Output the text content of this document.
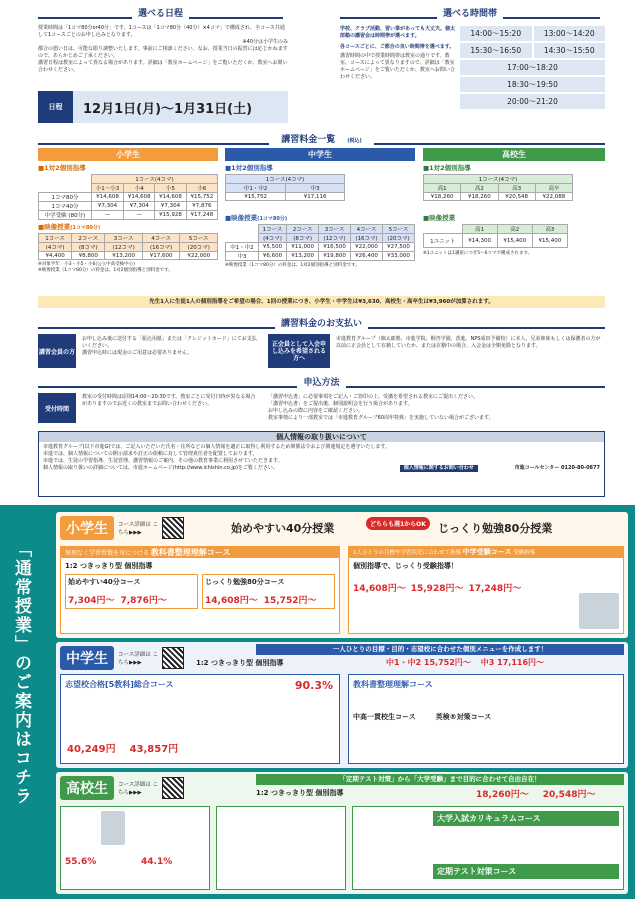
選べる日程
授業時間は「1コマ80分or40分」です。1コースは「1コマ80分（40分）×4コマ」で構成され、全コース共通して1コースごとのお申し込みとなります。
※40分は小学生のみ
都合の悪い日は、可能な限り調整いたします。事前にご相談ください。なお、授業当日の振替には応じかねますので、あらかじめご了承ください。
講習日程は教室によって異なる場合があります。詳細は「教室ホームページ」をご覧いただくか、教室へお問い合わせください。
日程	12月1日(月)〜1月31日(土)
選べる時間帯
学校、クラブ活動、習い事があっても大丈夫。個太郎塾の講習会は時間帯が選べます。
各コースごとに、ご都合の良い時間帯を選べます。
講習時間の中で授業時間帯は教室の通りです。教室、コースによって異なりますので、詳細は「教室ホームページ」をご覧いただくか、教室へお問い合わせください。
14:00〜15:20	13:00〜14:20
15:30〜16:50	14:30〜15:50
17:00〜18:20
18:30〜19:50
20:00〜21:20
講習料金一覧 (税込)
小学生
■1対2個別指導
	1コース(4コマ)			
	小1〜小3	小4	小5	小6
1コマ80分	¥14,608	¥14,608	¥14,608	¥15,752
1コマ40分	¥7,304	¥7,304	¥7,304	¥7,876
中学受験 (80分)	—	—	¥15,928	¥17,248
■映像授業(1コマ80分)
1コース	2コース	3コース	4コース	5コース
(4コマ)	(8コマ)	(12コマ)	(16コマ)	(20コマ)
¥4,400	¥8,800	¥13,200	¥17,600	¥22,000
※対象学年：小3・小5・小6(公立中高受検中心)
※映像授業（1コマ80分）の料金は、1対2個別指導と別料金です。
中学生
■1対2個別指導
1コース(4コマ)	
中1・中2	中3
¥15,752	¥17,116
■映像授業(1コマ80分)
	1コース	2コース	3コース	4コース	5コース
	(4コマ)	(8コマ)	(12コマ)	(16コマ)	(20コマ)
中1・中2	¥5,500	¥11,000	¥16,500	¥22,000	¥27,500
中3	¥6,600	¥13,200	¥19,800	¥26,400	¥33,000
※映像授業（1コマ80分）の料金は、1対2個別指導と別料金です。
高校生
■1対2個別指導
1コース(4コマ)			
高1	高2	高3	高卒
¥18,260	¥18,260	¥20,548	¥22,088
■映像授業
	高1	高2	高3
1ユニット	¥14,300	¥15,400	¥15,400
※1ユニットは1講座につき5〜6コマで構成されます。
先生1人に生徒1人の個別指導をご希望の場合、1回の授業につき、小学生・中学生は¥3,630、高校生・高卒生は¥3,960が加算されます。
講習料金のお支払い
講習会員の方
お申し込み後に送付する「振込用紙」または「クレジットカード」にてお支払いください。
講習申込時には現金のご用意は必要ありません。
正会員として入会申し込みを希望される方へ
市進教育グループ（個太郎塾、市進学院、桐杏学園、茨進、NPS成田予備校）に本人、兄弟姉妹もしくは保護者の方が以前に正会員として在籍していたか、または在籍中の場合、入会金は全額免除となります。
申込方法
受付時間
教室の受付時間は原則14:00〜20:30です。教室ごとに受付日時が異なる場合がありますのでお近くの教室までお問い合わせください。
「講習申込書」に必要事項をご記入・ご捺印の上、受講を希望される教室にご提出ください。
「講習申込書」をご提出後、個別説明会を行う場合があります。
お申し込みの際に内容をご確認ください。
教室事情により一部教室では「市進教育グループ60周年特典」を実施していない場合がございます。
個人情報の取り扱いについて
市進教育グループ(以下市進G)では、ご記入いただいた氏名・住所などの個人情報を適正に取得し利用するため関係法令および関連規定を遵守いたします。
市進では、個人情報についての開示請求や訂正の依頼に対して管理責任者を配置しております。
市進では、生徒の学習指導、生徒管理、講習情報のご案内、その他の教育事業に利用させていただきます。
個人情報の取り扱いの詳細については、市進ホームページ(http://www.ichishin.co.jp)をご覧ください。	個人情報に関するお問い合わせ	市進コールセンター 0120-80-0877
「通常授業」のご案内はコチラ
小学生	コース詳細は こちら▶▶▶	始めやすい40分授業	どちらも週1からOK	じっくり勉強80分授業
無理なく学習習慣を身につける 教科書整理理解コース
1:2 つきっきり型 個別指導
始めやすい40分コース
7,304円〜 7,876円〜
じっくり勉強80分コース
14,608円〜 15,752円〜
1人ひとりの目標や学習状況に合わせて指導 中学受験コース 受験指導
個別指導で、じっくり受験指導！
14,608円〜 15,928円〜 17,248円〜
中学生	コース詳細は こちら▶▶▶
一人ひとりの目標・目的・志望校に合わせた個別メニューを作成します！
1:2 つきっきり型 個別指導	中1・中2 15,752円〜 中3 17,116円〜
志望校合格[5教科]総合コース	90.3%
40,249円 43,857円
教科書整理理解コース
中高一貫校生コース	英検®対策コース
高校生	コース詳細は こちら▶▶▶
「定期テスト対策」から「大学受験」まで目的に合わせて自由自在！
1:2 つきっきり型 個別指導	18,260円〜 20,548円〜
55.6%	44.1%
大学入試カリキュラムコース
定期テスト対策コース
